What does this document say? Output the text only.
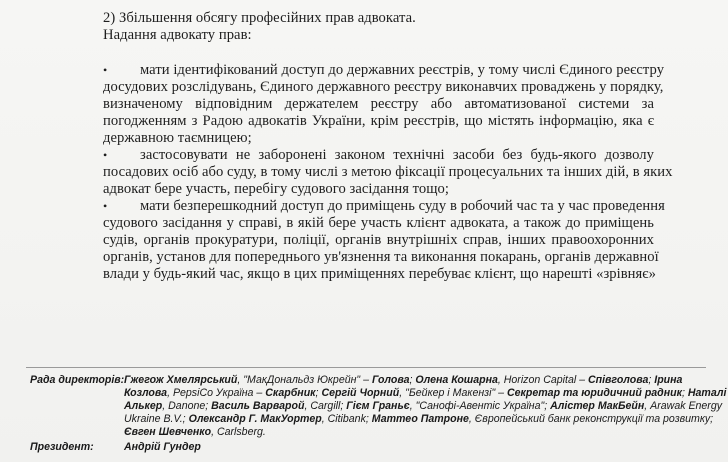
2) Збільшення обсягу професійних прав адвоката.
Надання адвокату прав:
• мати ідентифікований доступ до державних реєстрів, у тому числі Єдиного реєстру
досудових розслідувань, Єдиного державного реєстру виконавчих проваджень у порядку,
визначеному відповідним держателем реєстру або автоматизованої системи за
погодженням з Радою адвокатів України, крім реєстрів, що містять інформацію, яка є
державною таємницею;
• застосовувати не заборонені законом технічні засоби без будь-якого дозволу
посадових осіб або суду, в тому числі з метою фіксації процесуальних та інших дій, в яких
адвокат бере участь, перебігу судового засідання тощо;
• мати безперешкодний доступ до приміщень суду в робочий час та у час проведення
судового засідання у справі, в якій бере участь клієнт адвоката, а також до приміщень
судів, органів прокуратури, поліції, органів внутрішніх справ, інших правоохоронних
органів, установ для попереднього ув'язнення та виконання покарань, органів державної
влади у будь-який час, якщо в цих приміщеннях перебуває клієнт, що нарешті «зрівняє»
Рада директорів: Гжегож Хмелярський, "МакДональдз Юкрейн" – Голова; Олена Кошарна, Horizon Capital – Співголова; Ірина
Козлова, PepsiCo Україна – Скарбник; Сергій Чорний, "Бейкер і Макензі" – Секретар та юридичний радник; Наталі
Алькер, Danone; Василь Варварой, Cargill; Гієм Граньє, "Санофі-Авентіс Україна"; Алістер МакБейн, Arawak Energy
Ukraine B.V.; Олександр Г. МакУортер, Citibank; Маттео Патроне, Європейський банк реконструкції та розвитку;
Євген Шевченко, Carlsberg.
Президент:	Андрій Гундер
